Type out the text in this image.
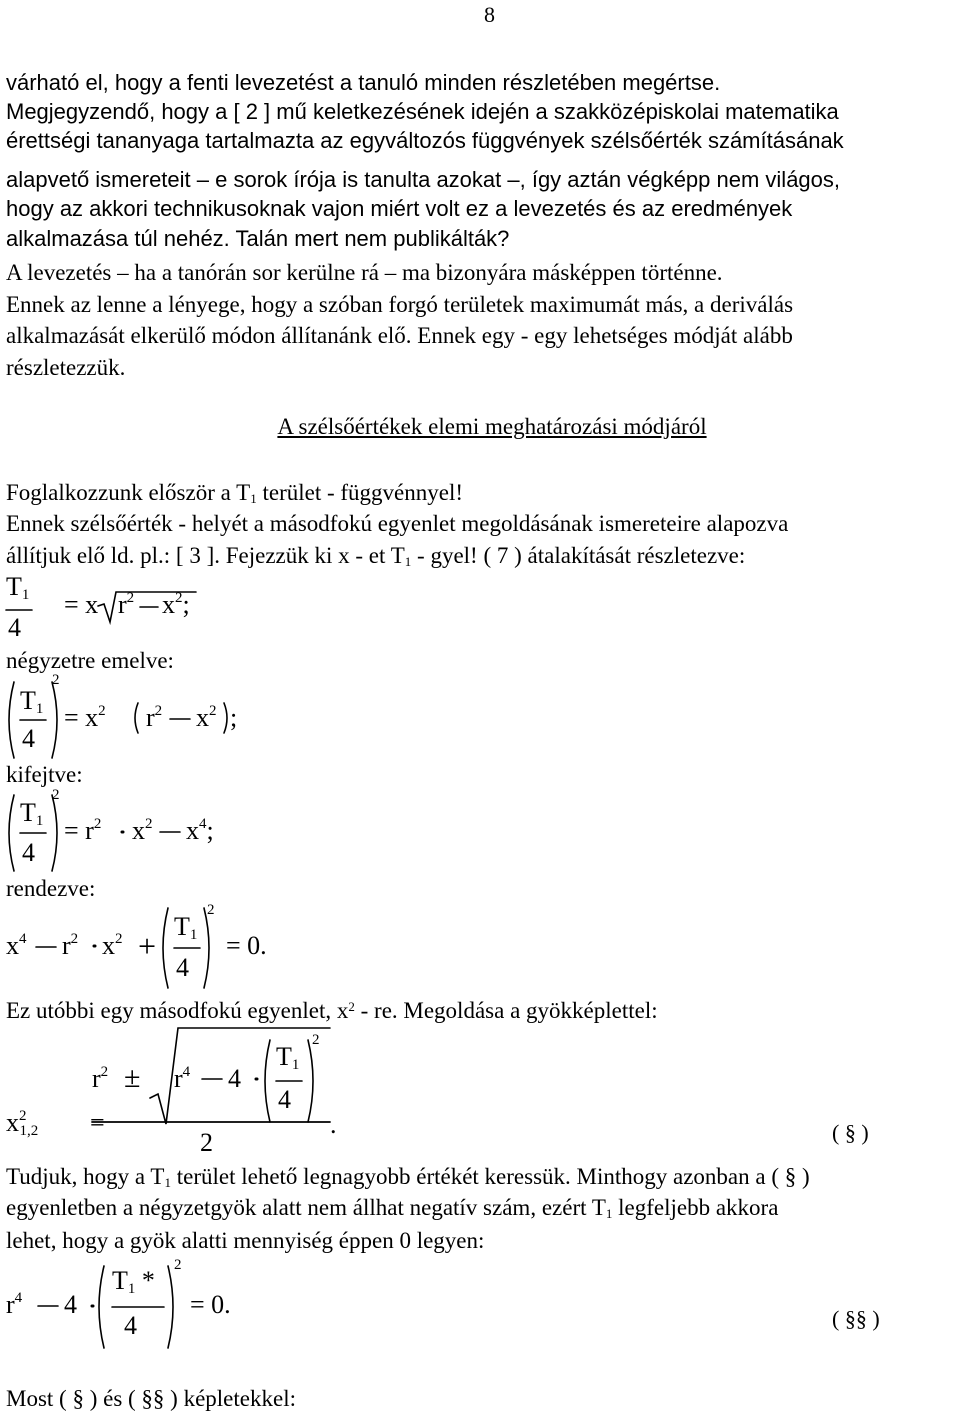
8
várható el, hogy a fenti levezetést a tanuló minden részletében megértse.
Megjegyzendő, hogy a [ 2 ] mű keletkezésének idején a szakközépiskolai matematika
érettségi tananyaga tartalmazta az egyváltozós függvények szélsőérték számításának
alapvető ismereteit – e sorok írója is tanulta azokat –, így aztán végképp nem világos,
hogy az akkori technikusoknak vajon miért volt ez a levezetés és az eredmények
alkalmazása túl nehéz. Talán mert nem publikálták?
A levezetés – ha a tanórán sor kerülne rá – ma bizonyára másképpen történne.
Ennek az lenne a lényege, hogy a szóban forgó területek maximumát más, a deriválás
alkalmazását elkerülő módon állítanánk elő. Ennek egy - egy lehetséges módját alább
részletezzük.
A szélsőértékek elemi meghatározási módjáról
Foglalkozzunk először a $T_1$ terület - függvénnyel!
Ennek szélsőérték - helyét a másodfokú egyenlet megoldásának ismereteire alapozva
állítjuk elő ld. pl.: [ 3 ]. Fejezzük ki x - et $T_1$ - gyel! ( 7 ) átalakítását részletezve:
$T_1$
4
= x $r^2$ $x^2$;
négyzetre emelve:
$T_1$
4
2
= $x^2$ $r^2$ $x^2$ ;
kifejtve:
$T_1$
4
2
= $r^2$ $x^2$ $x^4$;
rendezve:
$x^4$ $r^2$ $x^2$ +
$T_1$
4
2
= 0.
Ez utóbbi egy másodfokú egyenlet, $x^2$ - re. Megoldása a gyökképlettel:
$r^2 \pm r^4$ 4
$T_1$
4
2
2
$x^2_{1,2}$ =	.	( § )
Tudjuk, hogy a $T_1$ terület lehető legnagyobb értékét keressük. Minthogy azonban a ( § )
egyenletben a négyzetgyök alatt nem állhat negatív szám, ezért $T_1$ legfeljebb akkora
lehet, hogy a gyök alatti mennyiség éppen 0 legyen:
$r^4$ 4
$T_1$ *
4
2
= 0.	( §§ )
Most ( § ) és ( §§ ) képletekkel:
